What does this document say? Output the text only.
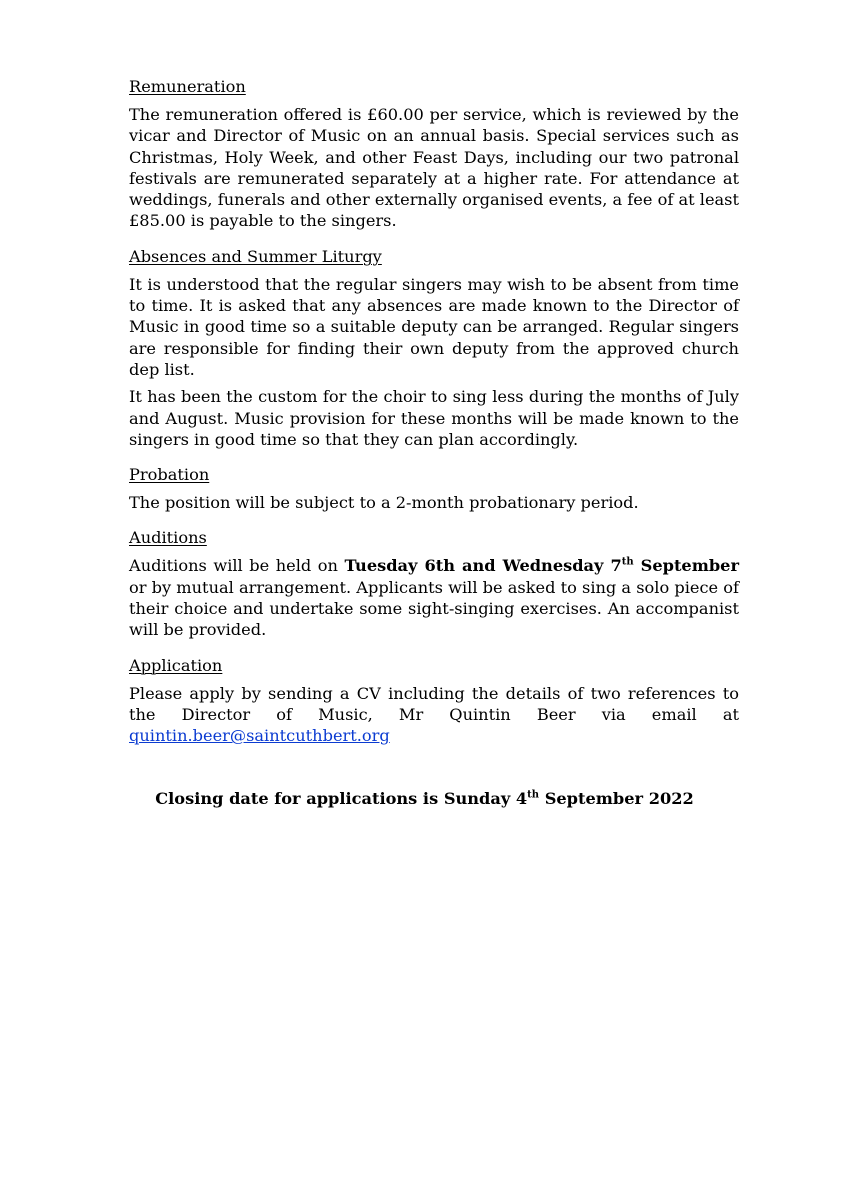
Remuneration

The remuneration offered is £60.00 per service, which is reviewed by the vicar and Director of Music on an annual basis. Special services such as Christmas, Holy Week, and other Feast Days, including our two patronal festivals are remunerated separately at a higher rate. For attendance at weddings, funerals and other externally organised events, a fee of at least £85.00 is payable to the singers.

Absences and Summer Liturgy

It is understood that the regular singers may wish to be absent from time to time. It is asked that any absences are made known to the Director of Music in good time so a suitable deputy can be arranged. Regular singers are responsible for finding their own deputy from the approved church dep list.

It has been the custom for the choir to sing less during the months of July and August. Music provision for these months will be made known to the singers in good time so that they can plan accordingly.

Probation

The position will be subject to a 2-month probationary period.

Auditions

Auditions will be held on Tuesday 6th and Wednesday 7th September or by mutual arrangement. Applicants will be asked to sing a solo piece of their choice and undertake some sight-singing exercises. An accompanist will be provided.

Application

Please apply by sending a CV including the details of two references to the Director of Music, Mr Quintin Beer via email at quintin.beer@saintcuthbert.org

Closing date for applications is Sunday 4th September 2022
